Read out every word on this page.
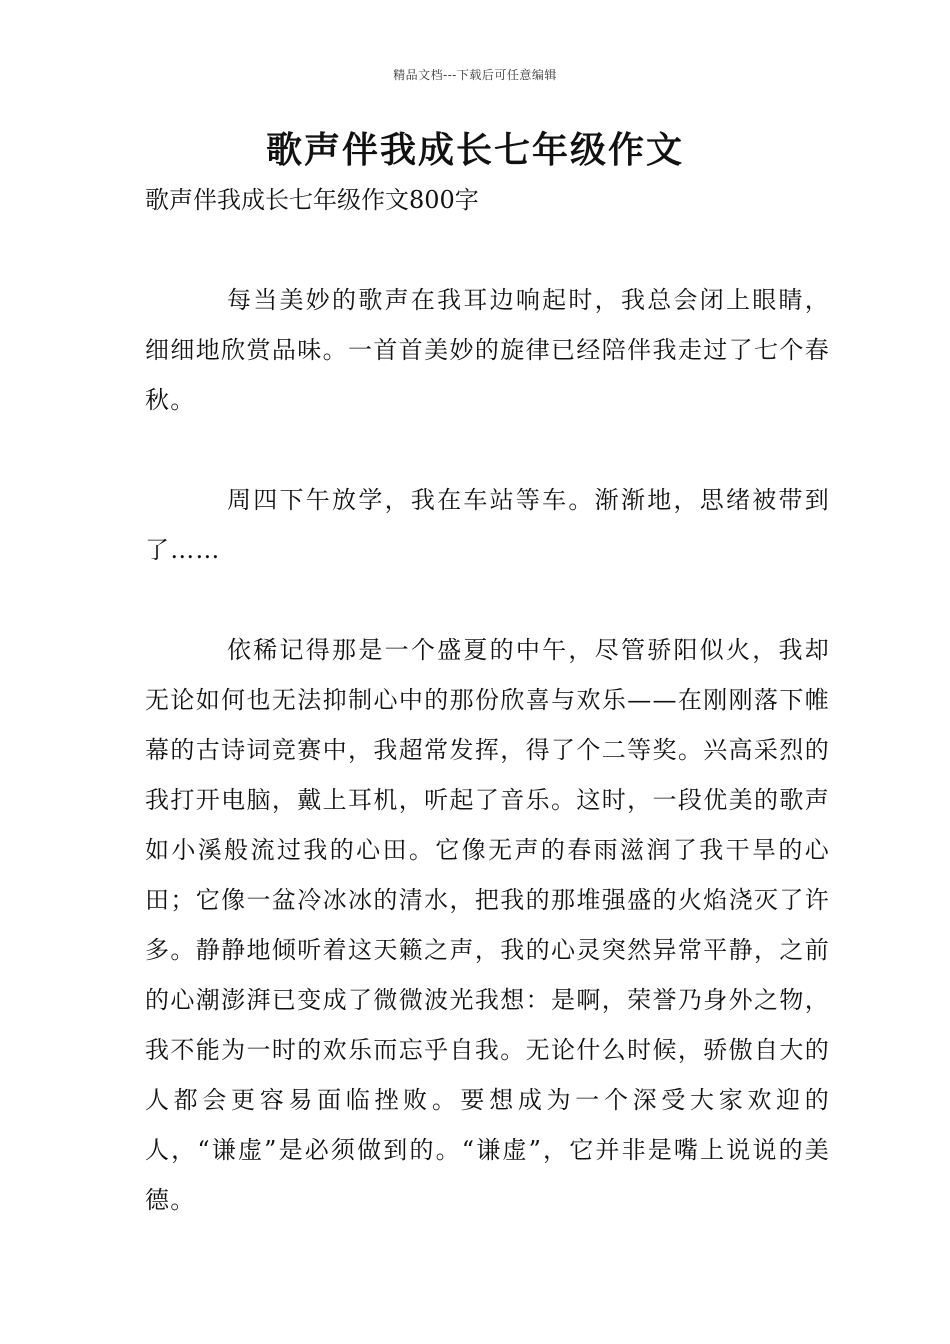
精品文档---下载后可任意编辑
歌声伴我成长七年级作文

歌声伴我成长七年级作文800字

每当美妙的歌声在我耳边响起时，我总会闭上眼睛，细细地欣赏品味。一首首美妙的旋律已经陪伴我走过了七个春秋。

周四下午放学，我在车站等车。渐渐地，思绪被带到了……

依稀记得那是一个盛夏的中午，尽管骄阳似火，我却无论如何也无法抑制心中的那份欣喜与欢乐——在刚刚落下帷幕的古诗词竞赛中，我超常发挥，得了个二等奖。兴高采烈的我打开电脑，戴上耳机，听起了音乐。这时，一段优美的歌声如小溪般流过我的心田。它像无声的春雨滋润了我干旱的心田；它像一盆冷冰冰的清水，把我的那堆强盛的火焰浇灭了许多。静静地倾听着这天籁之声，我的心灵突然异常平静，之前的心潮澎湃已变成了微微波光我想：是啊，荣誉乃身外之物，我不能为一时的欢乐而忘乎自我。无论什么时候，骄傲自大的人都会更容易面临挫败。要想成为一个深受大家欢迎的人，“谦虚”是必须做到的。“谦虚”，它并非是嘴上说说的美德。
